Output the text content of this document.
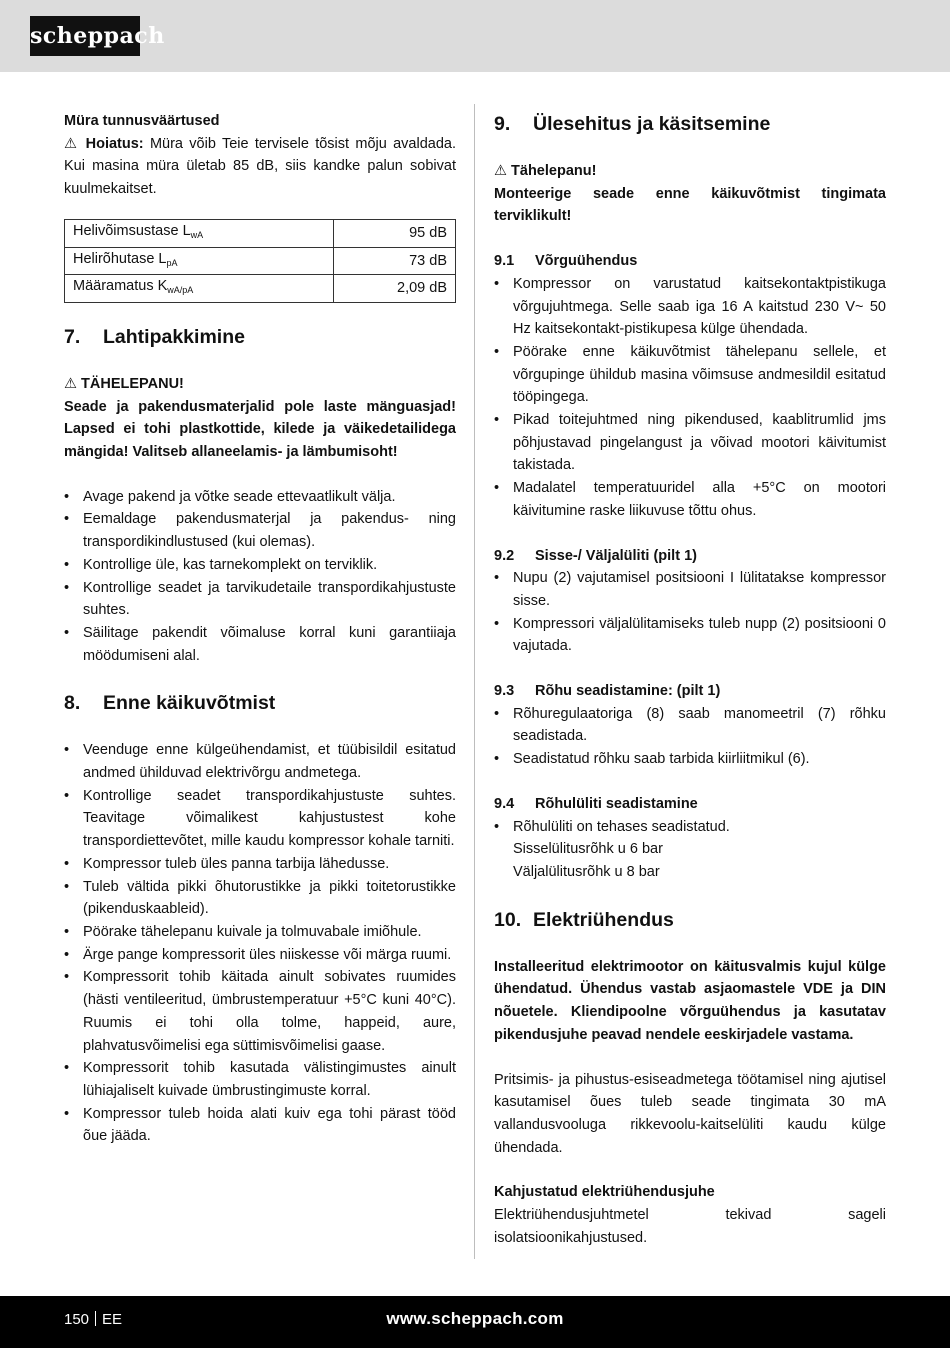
scheppach

Müra tunnusväärtused

⚠ Hoiatus: Müra võib Teie tervisele tõsist mõju avaldada. Kui masina müra ületab 85 dB, siis kandke palun sobivat kuulmekaitset.

Helivõimsustase $L_{wA}$	95 dB
Helirõhutase $L_{pA}$	73 dB
Määramatus $K_{wA/pA}$	2,09 dB
7. Lahtipakkimine

⚠ TÄHELEPANU!

Seade ja pakendusmaterjalid pole laste mänguasjad! Lapsed ei tohi plastkottide, kilede ja väikedetailidega mängida! Valitseb allaneelamis- ja lämbumisoht!

• Avage pakend ja võtke seade ettevaatlikult välja.
• Eemaldage pakendusmaterjal ja pakendus- ning transpordikindlustused (kui olemas).
• Kontrollige üle, kas tarnekomplekt on terviklik.
• Kontrollige seadet ja tarvikudetaile transpordikahjustuste suhtes.
• Säilitage pakendit võimaluse korral kuni garantiiaja möödumiseni alal.
8. Enne käikuvõtmist
• Veenduge enne külgeühendamist, et tüübisildil esitatud andmed ühilduvad elektrivõrgu andmetega.
• Kontrollige seadet transpordikahjustuste suhtes. Teavitage võimalikest kahjustustest kohe transpordiettevõtet, mille kaudu kompressor kohale tarniti.
• Kompressor tuleb üles panna tarbija lähedusse.
• Tuleb vältida pikki õhutorustikke ja pikki toitetorustikke (pikenduskaableid).
• Pöörake tähelepanu kuivale ja tolmuvabale imiõhule.
• Ärge pange kompressorit üles niiskesse või märga ruumi.
• Kompressorit tohib käitada ainult sobivates ruumides (hästi ventileeritud, ümbrustemperatuur +5°C kuni 40°C). Ruumis ei tohi olla tolme, happeid, aure, plahvatusvõimelisi ega süttimisvõimelisi gaase.
• Kompressorit tohib kasutada välistingimustes ainult lühiajaliselt kuivade ümbrustingimuste korral.
• Kompressor tuleb hoida alati kuiv ega tohi pärast tööd õue jääda.
9. Ülesehitus ja käsitsemine

⚠ Tähelepanu!

Monteerige seade enne käikuvõtmist tingimata terviklikult!

9.1 Võrguühendus
• Kompressor on varustatud kaitsekontaktpistikuga võrgujuhtmega. Selle saab iga 16 A kaitstud 230 V~ 50 Hz kaitsekontakt-pistikupesa külge ühendada.
• Pöörake enne käikuvõtmist tähelepanu sellele, et võrgupinge ühildub masina võimsuse andmesildil esitatud tööpingega.
• Pikad toitejuhtmed ning pikendused, kaablitrumlid jms põhjustavad pingelangust ja võivad mootori käivitumist takistada.
• Madalatel temperatuuridel alla +5°C on mootori käivitumine raske liikuvuse tõttu ohus.
9.2 Sisse-/ Väljalüliti (pilt 1)
• Nupu (2) vajutamisel positsiooni I lülitatakse kompressor sisse.
• Kompressori väljalülitamiseks tuleb nupp (2) positsiooni 0 vajutada.
9.3 Rõhu seadistamine: (pilt 1)
• Rõhuregulaatoriga (8) saab manomeetril (7) rõhku seadistada.
• Seadistatud rõhku saab tarbida kiirliitmikul (6).
9.4 Rõhulüliti seadistamine
• Rõhulüliti on tehases seadistatud.

Sisselülitusrõhk u 6 bar

Väljalülitusrõhk u 8 bar

10. Elektriühendus

Installeeritud elektrimootor on käitusvalmis kujul külge ühendatud. Ühendus vastab asjaomastele VDE ja DIN nõuetele. Kliendipoolne võrguühendus ja kasutatav pikendusjuhe peavad nendele eeskirjadele vastama.

Pritsimis- ja pihustus-esiseadmetega töötamisel ning ajutisel kasutamisel õues tuleb seade tingimata 30 mA vallandusvooluga rikkevoolu-kaitselüliti kaudu külge ühendada.

Kahjustatud elektriühendusjuhe

Elektriühendusjuhtmetel tekivad sageli isolatsioonikahjustused.

150 EE	www.scheppach.com
